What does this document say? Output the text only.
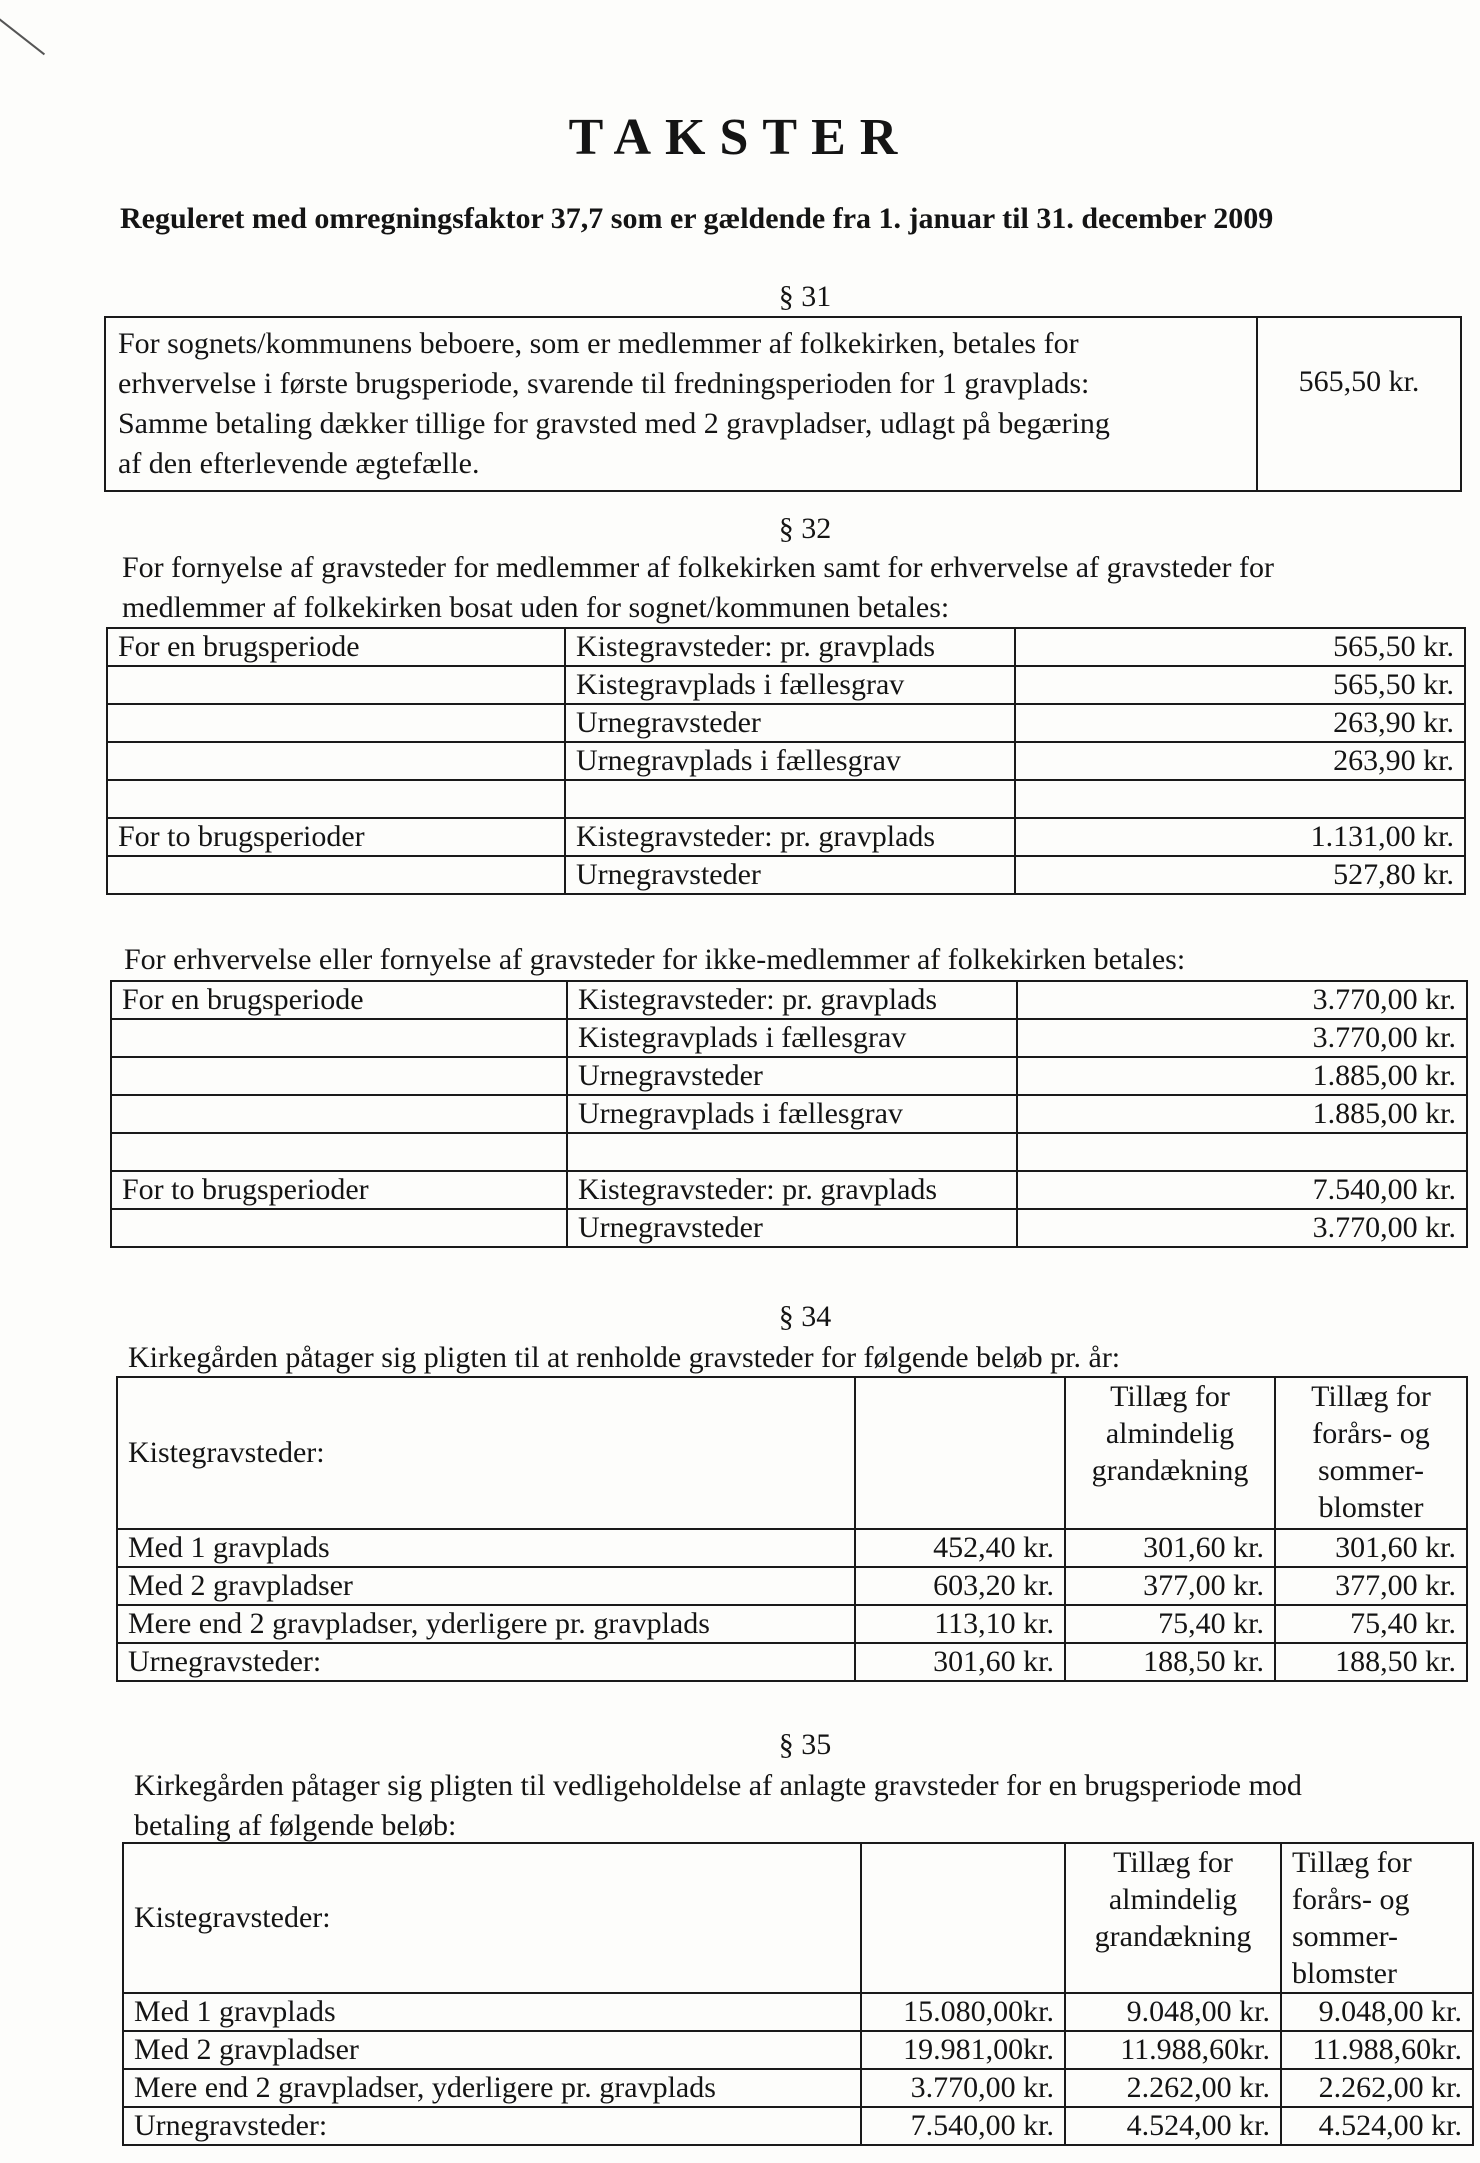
TAKSTER
Reguleret med omregningsfaktor 37,7 som er gældende fra 1. januar til 31. december 2009
§ 31
For sognets/kommunens beboere, som er medlemmer af folkekirken, betales for
erhvervelse i første brugsperiode, svarende til fredningsperioden for 1 gravplads:
Samme betaling dækker tillige for gravsted med 2 gravpladser, udlagt på begæring
af den efterlevende ægtefælle.
	565,50 kr.
§ 32
For fornyelse af gravsteder for medlemmer af folkekirken samt for erhvervelse af gravsteder for
medlemmer af folkekirken bosat uden for sognet/kommunen betales:
For en brugsperiode	Kistegravsteder: pr. gravplads	565,50 kr.
	Kistegravplads i fællesgrav	565,50 kr.
	Urnegravsteder	263,90 kr.
	Urnegravplads i fællesgrav	263,90 kr.

For to brugsperioder	Kistegravsteder: pr. gravplads	1.131,00 kr.
	Urnegravsteder	527,80 kr.
For erhvervelse eller fornyelse af gravsteder for ikke-medlemmer af folkekirken betales:
For en brugsperiode	Kistegravsteder: pr. gravplads	3.770,00 kr.
	Kistegravplads i fællesgrav	3.770,00 kr.
	Urnegravsteder	1.885,00 kr.
	Urnegravplads i fællesgrav	1.885,00 kr.

For to brugsperioder	Kistegravsteder: pr. gravplads	7.540,00 kr.
	Urnegravsteder	3.770,00 kr.
§ 34
Kirkegården påtager sig pligten til at renholde gravsteder for følgende beløb pr. år:
Kistegravsteder:		Tillæg for almindelig grandækning	Tillæg for forårs- og sommer-blomster
Med 1 gravplads	452,40 kr.	301,60 kr.	301,60 kr.
Med 2 gravpladser	603,20 kr.	377,00 kr.	377,00 kr.
Mere end 2 gravpladser, yderligere pr. gravplads	113,10 kr.	75,40 kr.	75,40 kr.
Urnegravsteder:	301,60 kr.	188,50 kr.	188,50 kr.
§ 35
Kirkegården påtager sig pligten til vedligeholdelse af anlagte gravsteder for en brugsperiode mod
betaling af følgende beløb:
Kistegravsteder:		Tillæg for almindelig grandækning	Tillæg for forårs- og sommer-blomster
Med 1 gravplads	15.080,00kr.	9.048,00 kr.	9.048,00 kr.
Med 2 gravpladser	19.981,00kr.	11.988,60kr.	11.988,60kr.
Mere end 2 gravpladser, yderligere pr. gravplads	3.770,00 kr.	2.262,00 kr.	2.262,00 kr.
Urnegravsteder:	7.540,00 kr.	4.524,00 kr.	4.524,00 kr.
